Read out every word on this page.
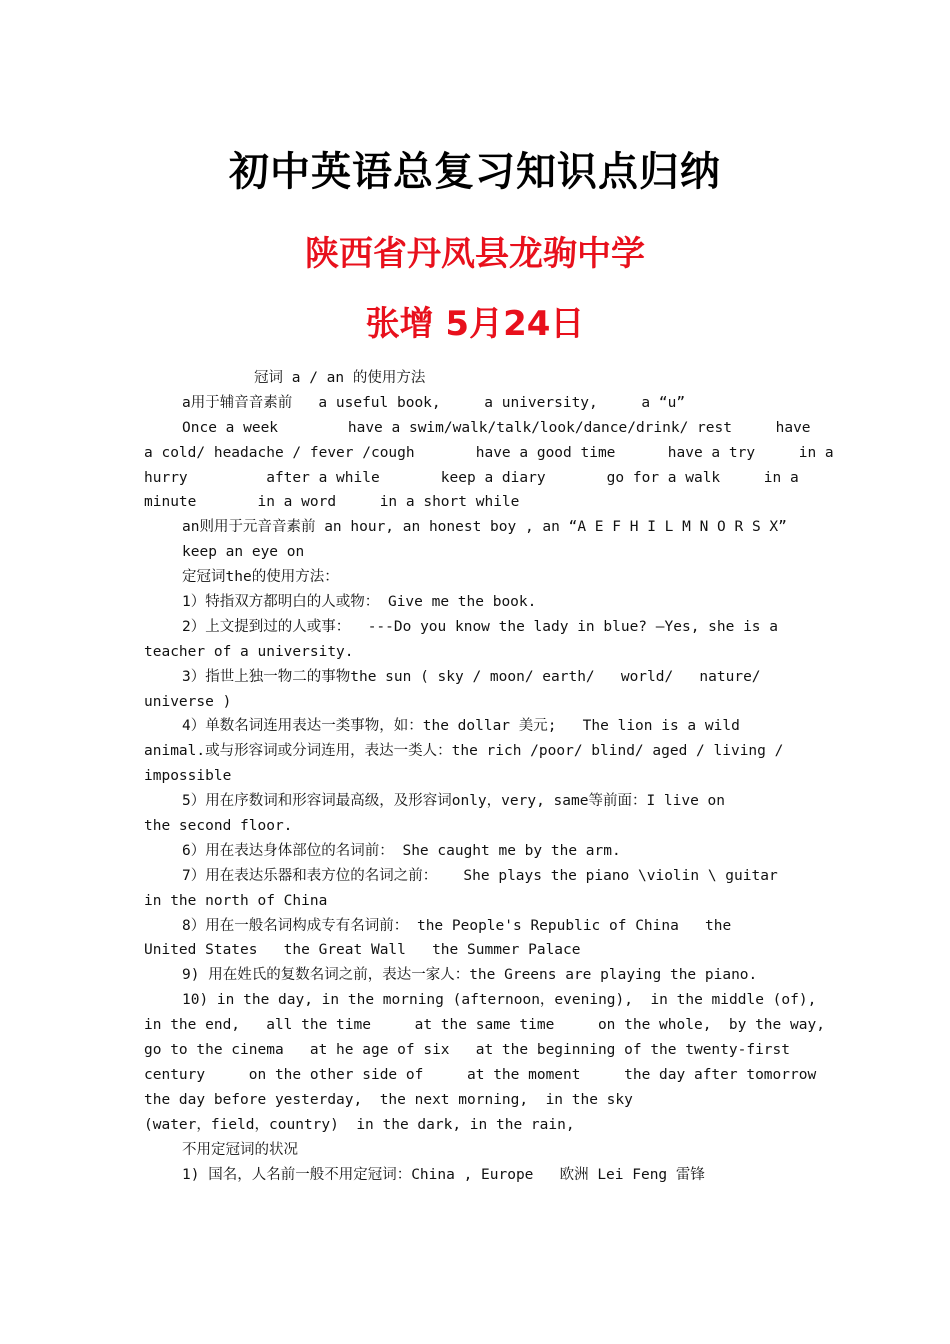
初中英语总复习知识点归纳
陕西省丹凤县龙驹中学
张增 5月24日
冠词 a / an 的使用方法
a用于辅音音素前   a useful book,     a university,     a “u”
Once a week        have a swim/walk/talk/look/dance/drink/ rest     have
a cold/ headache / fever /cough       have a good time      have a try     in a
hurry         after a while       keep a diary       go for a walk     in a
minute       in a word     in a short while
an则用于元音音素前 an hour, an honest boy , an “A E F H I L M N O R S X”
keep an eye on
定冠词the的使用方法：
1）特指双方都明白的人或物： Give me the book.
2）上文提到过的人或事：  ---Do you know the lady in blue? –Yes, she is a
teacher of a university.
3）指世上独一物二的事物the sun ( sky / moon/ earth/   world/   nature/
universe )
4）单数名词连用表达一类事物，如：the dollar 美元;   The lion is a wild
animal.或与形容词或分词连用，表达一类人：the rich /poor/ blind/ aged / living /
impossible
5）用在序数词和形容词最高级，及形容词only，very, same等前面：I live on
the second floor.
6）用在表达身体部位的名词前： She caught me by the arm.
7）用在表达乐器和表方位的名词之前：   She plays the piano \violin \ guitar
in the north of China
8）用在一般名词构成专有名词前： the People's Republic of China   the
United States   the Great Wall   the Summer Palace
9) 用在姓氏的复数名词之前，表达一家人：the Greens are playing the piano.
10) in the day, in the morning (afternoon，evening),  in the middle (of),
in the end,   all the time     at the same time     on the whole,  by the way,
go to the cinema   at he age of six   at the beginning of the twenty-first
century     on the other side of     at the moment     the day after tomorrow
the day before yesterday,  the next morning,  in the sky
(water，field，country)  in the dark, in the rain,
不用定冠词的状况
1) 国名，人名前一般不用定冠词：China , Europe   欧洲 Lei Feng 雷锋
